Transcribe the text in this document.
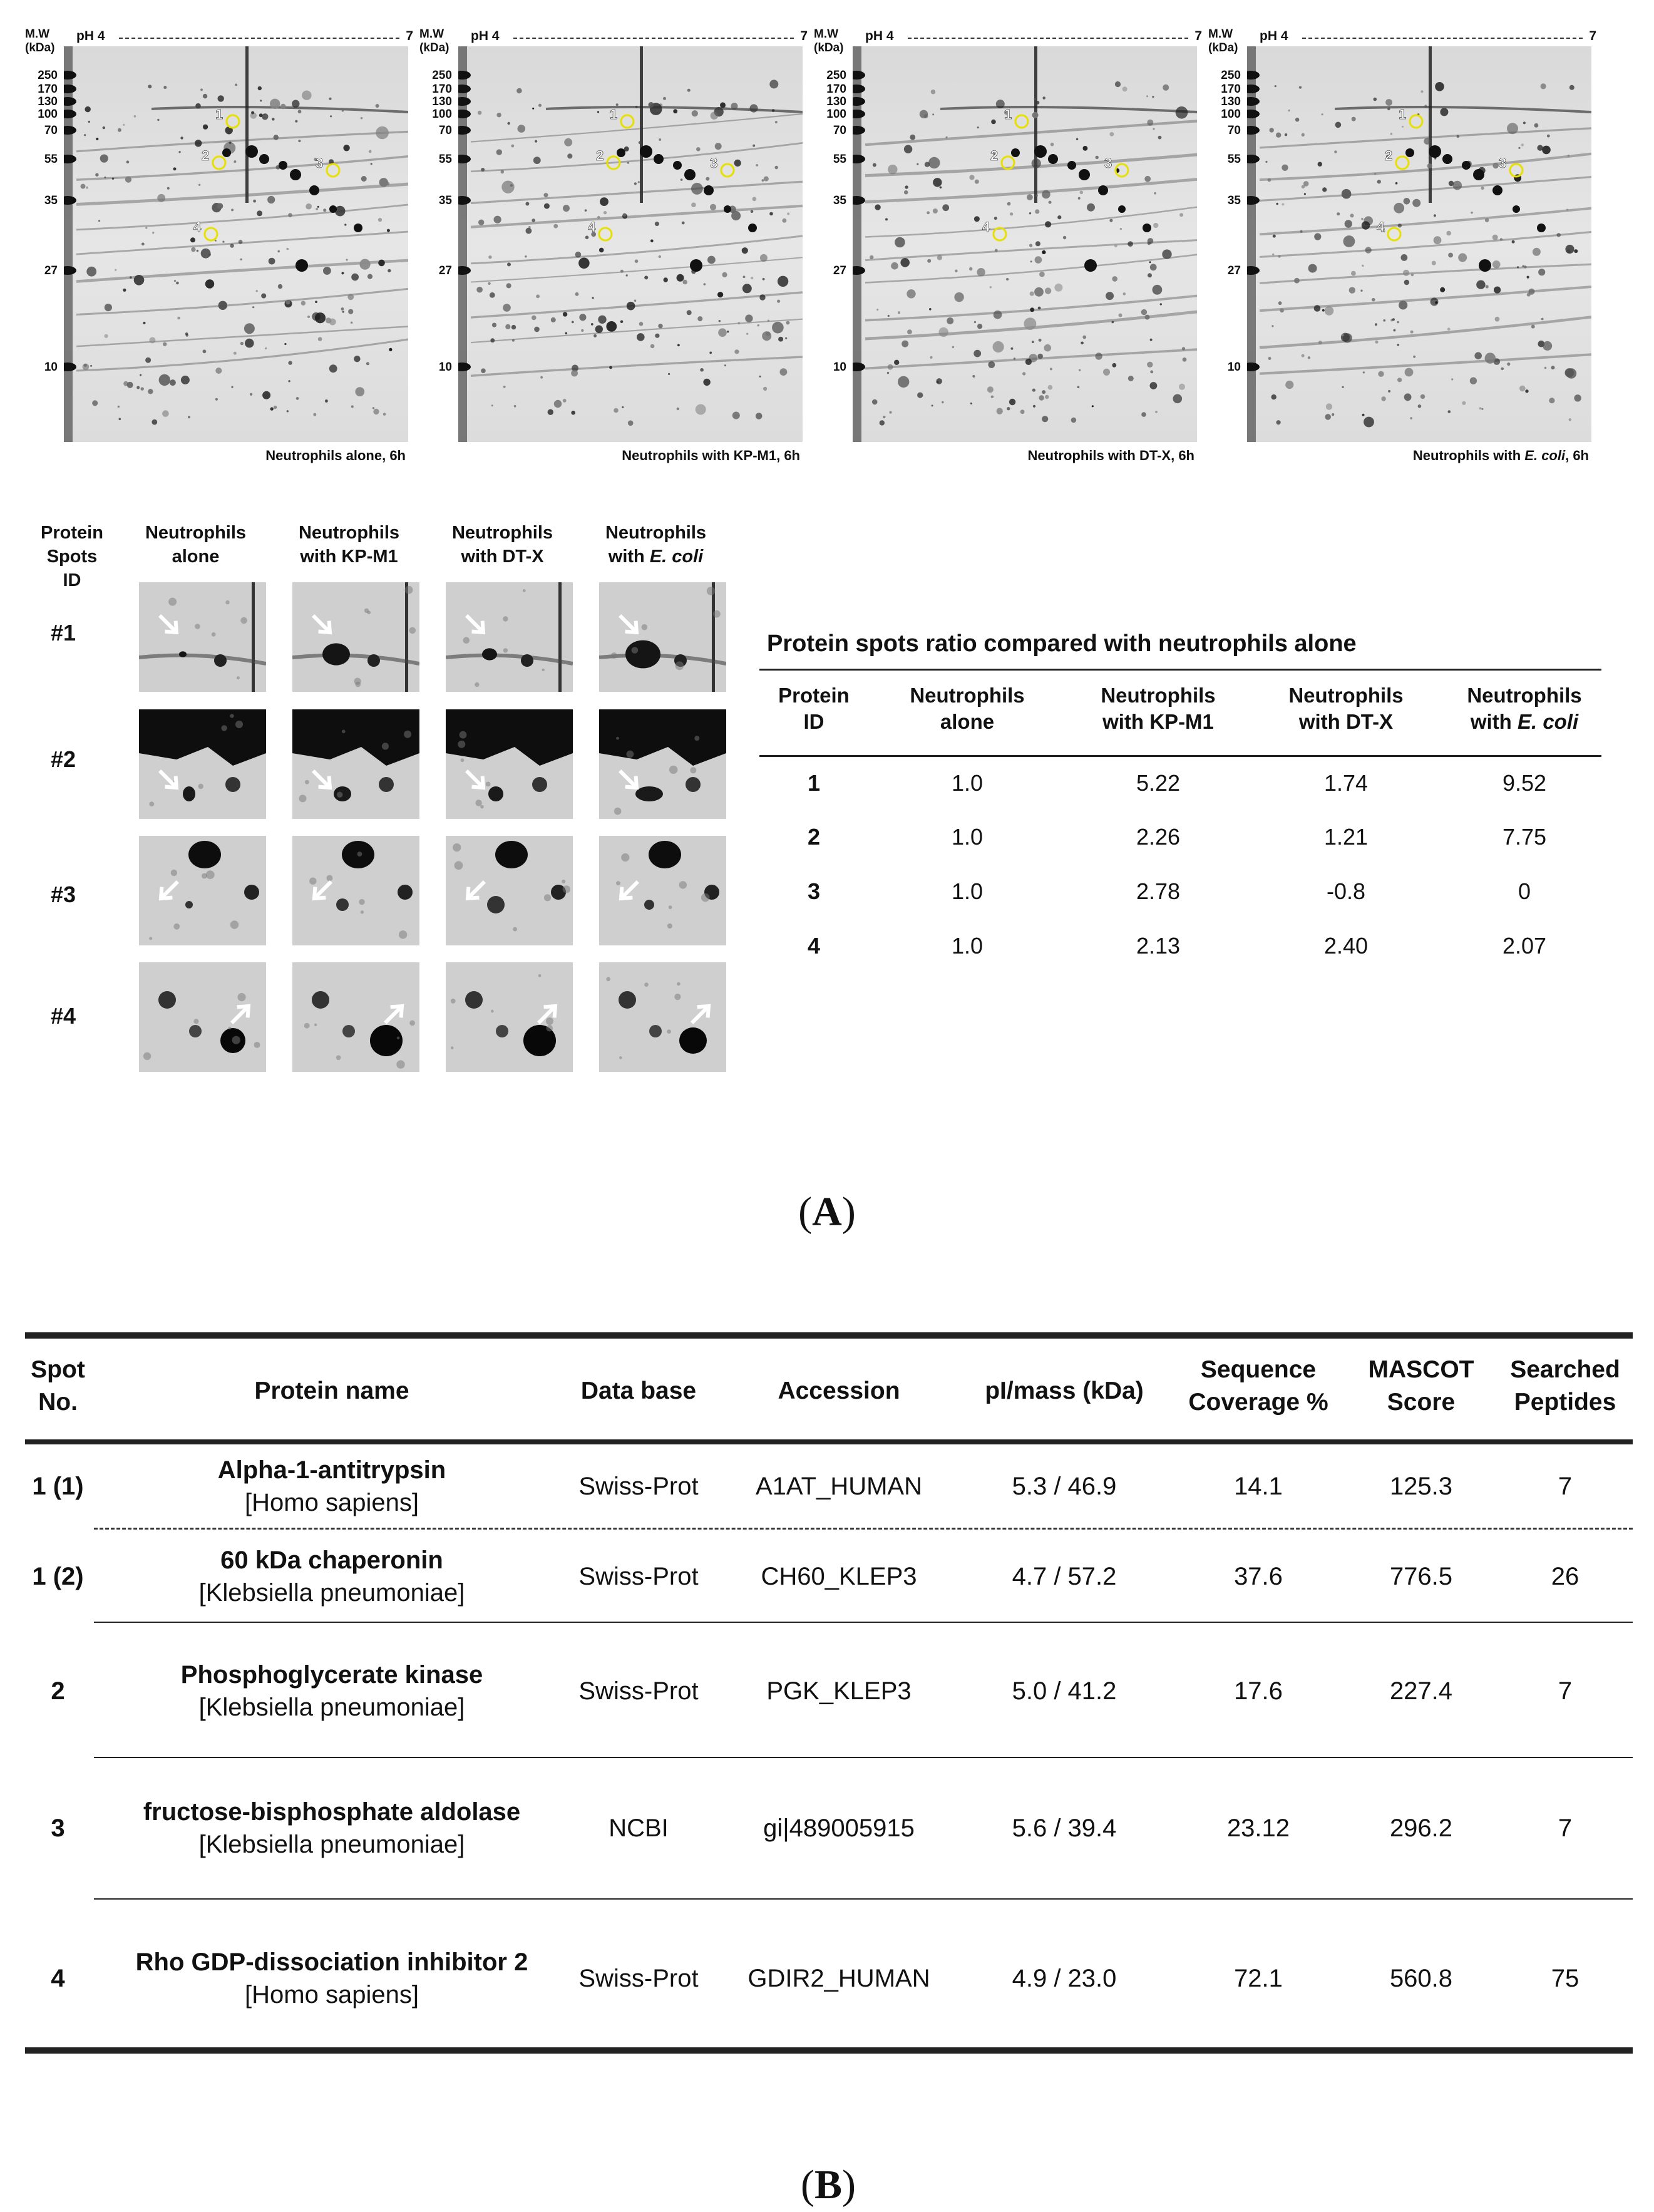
M.W
(kDa)
pH 4	7
250
170
130
100
70
55
35
27
10
1
2	3
4
Neutrophils alone, 6h
M.W
(kDa)
pH 4	7
250
170
130
100
70
55
35
27
10
1
2	3
4
Neutrophils with KP-M1, 6h
M.W
(kDa)
pH 4	7
250
170
130
100
70
55
35
27
10
1
2	3
4
Neutrophils with DT-X, 6h
M.W
(kDa)
pH 4	7
250
170
130
100
70
55
35
27
10
1
2	3
4
Neutrophils with E. coli, 6h
Protein
Spots ID
Neutrophils
alone
Neutrophils
with KP-M1
Neutrophils
with DT-X
Neutrophils
with E. coli
#1
#2
#3
#4
Protein spots ratio compared with neutrophils alone
Protein
ID
Neutrophils
alone
Neutrophils
with KP-M1
Neutrophils
with DT-X
Neutrophils
with E. coli
1	1.0	5.22	1.74	9.52
2	1.0	2.26	1.21	7.75
3	1.0	2.78	-0.8	0
4	1.0	2.13	2.40	2.07
(A)
Spot
No.	Protein name	Data base	Accession	pI/mass (kDa)
Sequence
Coverage %
MASCOT
Score
Searched
Peptides
1 (1)
Alpha-1-antitrypsin
[Homo sapiens]
Swiss-Prot	A1AT_HUMAN	5.3 / 46.9	14.1	125.3	7
1 (2)
60 kDa chaperonin
[Klebsiella pneumoniae]
Swiss-Prot	CH60_KLEP3	4.7 / 57.2	37.6	776.5	26
2
Phosphoglycerate kinase
[Klebsiella pneumoniae]
Swiss-Prot	PGK_KLEP3	5.0 / 41.2	17.6	227.4	7
3
fructose-bisphosphate aldolase
[Klebsiella pneumoniae]
NCBI	gi|489005915	5.6 / 39.4	23.12	296.2	7
4
Rho GDP-dissociation inhibitor 2
[Homo sapiens]
Swiss-Prot	GDIR2_HUMAN	4.9 / 23.0	72.1	560.8	75
(B)
